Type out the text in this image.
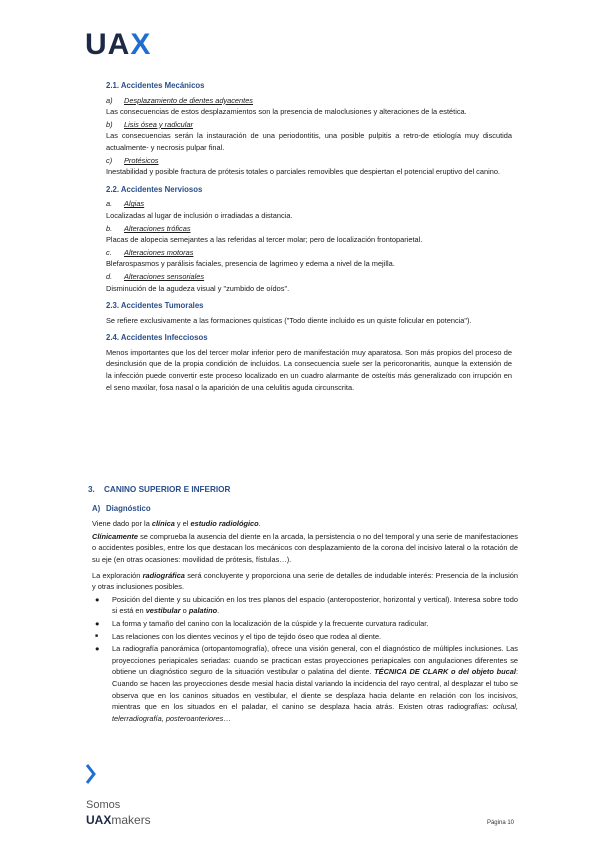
UAX
2.1. Accidentes Mecánicos
a) Desplazamiento de dientes adyacentes

Las consecuencias de estos desplazamientos son la presencia de maloclusiones y alteraciones de la estética.

b) Lisis ósea y radicular

Las consecuencias serán la instauración de una periodontitis, una posible pulpitis a retro-de etiología muy discutida actualmente- y necrosis pulpar final.

c) Protésicos

Inestabilidad y posible fractura de prótesis totales o parciales removibles que despiertan el potencial eruptivo del canino.

2.2. Accidentes Nerviosos
a. Algias

Localizadas al lugar de inclusión o irradiadas a distancia.

b. Alteraciones tróficas

Placas de alopecia semejantes a las referidas al tercer molar; pero de localización frontoparietal.

c. Alteraciones motoras

Blefarospasmos y parálisis faciales, presencia de lagrimeo y edema a nivel de la mejilla.

d. Alteraciones sensoriales

Disminución de la agudeza visual y "zumbido de oídos".

2.3. Accidentes Tumorales

Se refiere exclusivamente a las formaciones quísticas ("Todo diente incluido es un quiste folicular en potencia").

2.4. Accidentes Infecciosos

Menos importantes que los del tercer molar inferior pero de manifestación muy aparatosa. Son más propios del proceso de desinclusión que de la propia condición de incluidos. La consecuencia suele ser la pericoronaritis, aunque la extensión de la infección puede convertir este proceso localizado en un cuadro alarmante de osteítis más generalizado con irrupción en el seno maxilar, fosa nasal o la aparición de una celulitis aguda circunscrita.

3. CANINO SUPERIOR E INFERIOR
A) Diagnóstico

Viene dado por la clínica y el estudio radiológico.

Clínicamente se comprueba la ausencia del diente en la arcada, la persistencia o no del temporal y una serie de manifestaciones o accidentes posibles, entre los que destacan los mecánicos con desplazamiento de la corona del incisivo lateral o la rotación de su eje (en otras ocasiones: movilidad de prótesis, fístulas…).

La exploración radiográfica será concluyente y proporciona una serie de detalles de indudable interés: Presencia de la inclusión y otras inclusiones posibles.

● Posición del diente y su ubicación en los tres planos del espacio (anteroposterior, horizontal y vertical). Interesa sobre todo si está en vestibular o palatino.
● La forma y tamaño del canino con la localización de la cúspide y la frecuente curvatura radicular.
■ Las relaciones con los dientes vecinos y el tipo de tejido óseo que rodea al diente.
● La radiografía panorámica (ortopantomografía), ofrece una visión general, con el diagnóstico de múltiples inclusiones. Las proyecciones periapicales seriadas: cuando se practican estas proyecciones periapicales con angulaciones diferentes se obtiene un diagnóstico seguro de la situación vestibular o palatina del diente. TÉCNICA DE CLARK o del objeto bucal: Cuando se hacen las proyecciones desde mesial hacia distal variando la incidencia del rayo central, al desplazar el tubo se observa que en los caninos situados en vestibular, el diente se desplaza hacia delante en relación con los incisivos, mientras que en los situados en el paladar, el canino se desplaza hacia atrás. Existen otras radiografías: oclusal, telerradiografía, posteroanteriores…
Somos
UAXmakers	Página 10
